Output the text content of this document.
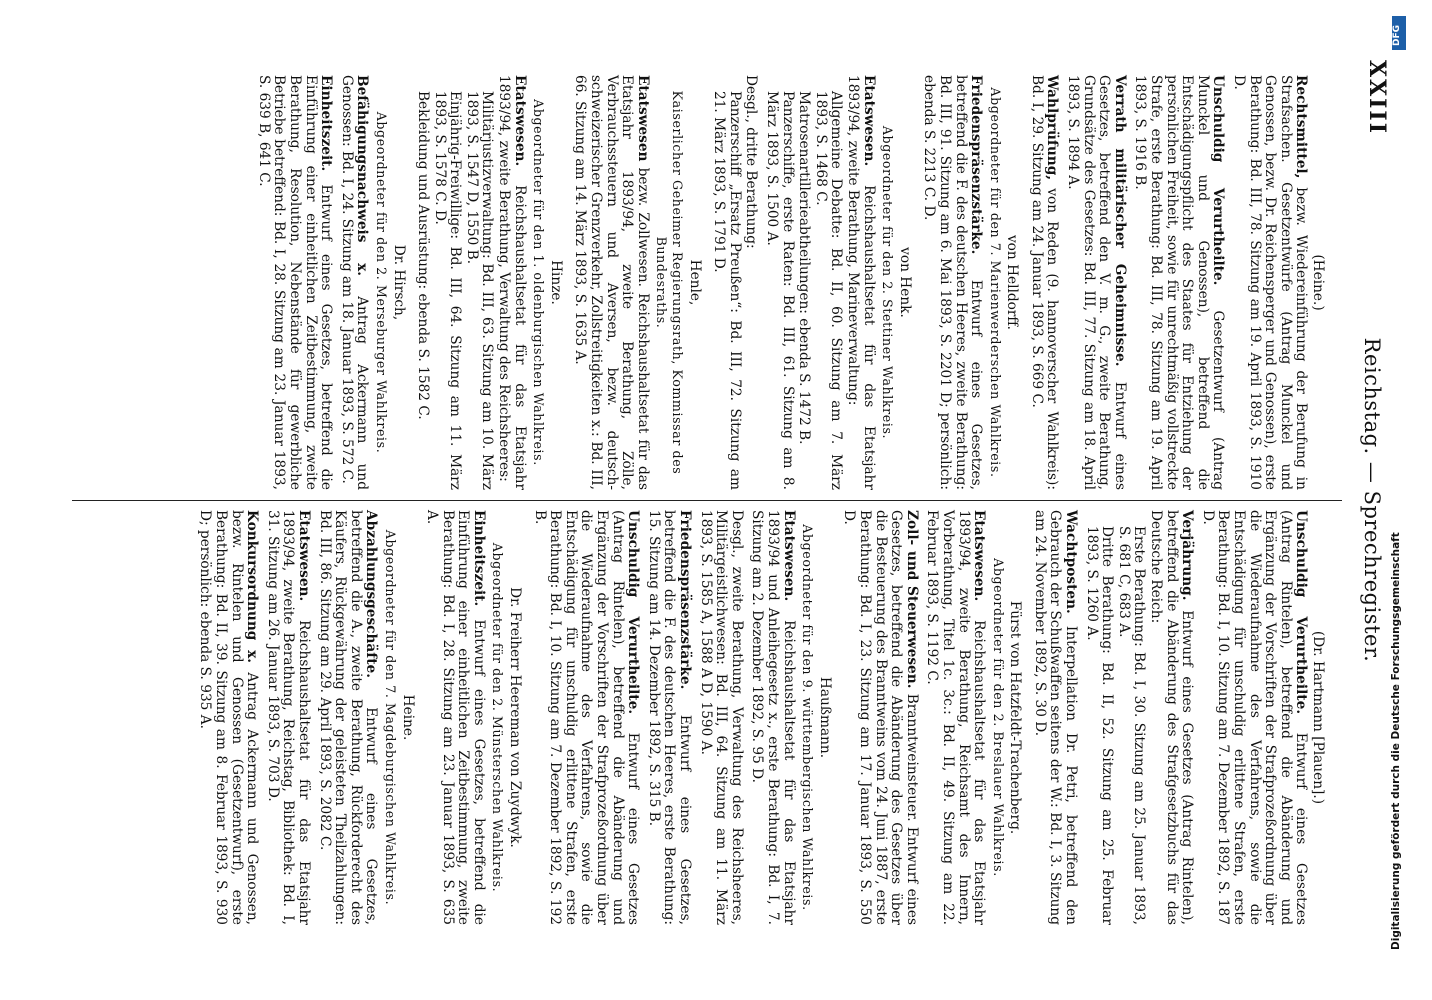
Reichstag. — Sprechregister.
XXIII
(Dr. Hartmann [Plauen].)
Unschuldig Verurtheilte. Entwurf eines Gesetzes (Antrag Rintelen), betreffend die Abänderung und Ergänzung der Vorschriften der Strafprozeßordnung über die Wiederaufnahme des Verfahrens, sowie die Entschädigung für unschuldig erlittene Strafen, erste Berathung: Bd. I, 10. Sitzung am 7. Dezember 1892, S. 187 D.
Verjährung. Entwurf eines Gesetzes (Antrag Rintelen), betreffend die Abänderung des Strafgesetzbuchs für das Deutsche Reich:
Erste Berathung: Bd. I, 30. Sitzung am 25. Januar 1893, S. 681 C, 683 A.
Dritte Berathung: Bd. II, 52. Sitzung am 25. Februar 1893, S. 1260 A.
Wachtposten. Interpellation Dr. Petri, betreffend den Gebrauch der Schußwaffen seitens der W.: Bd. I, 3. Sitzung am 24. November 1892, S. 30 D.
Fürst von Hatzfeldt-Trachenberg.
Abgeordneter für den 2. Breslauer Wahlkreis.
Etatswesen. Reichshaushaltsetat für das Etatsjahr 1893/94, zweite Berathung, Reichsamt des Innern, Vorberathung, Titel 1c. 3c.: Bd. II, 49. Sitzung am 22. Februar 1893, S. 1192 C.
Zoll- und Steuerwesen. Branntweinsteuer. Entwurf eines Gesetzes, betreffend die Abänderung des Gesetzes über die Besteuerung des Branntweins vom 24. Juni 1887, erste Berathung: Bd. I, 23. Sitzung am 17. Januar 1893, S. 550 D.
Haußmann.
Abgeordneter für den 9. württembergischen Wahlkreis.
Etatswesen. Reichshaushaltsetat für das Etatsjahr 1893/94 und Anleihegesetz x., erste Berathung: Bd. I, 7. Sitzung am 2. Dezember 1892, S. 95 D.
Desgl., zweite Berathung, Verwaltung des Reichsheeres, Militärgeistlichwesen: Bd. III, 64. Sitzung am 11. März 1893, S. 1585 A, 1588 A D, 1590 A.
Friedenspräsenzstärke. Entwurf eines Gesetzes, betreffend die F. des deutschen Heeres, erste Berathung: 15. Sitzung am 14. Dezember 1892, S. 315 B.
Unschuldig Verurtheilte. Entwurf eines Gesetzes (Antrag Rintelen), betreffend die Abänderung und Ergänzung der Vorschriften der Strafprozeßordnung über die Wiederaufnahme des Verfahrens, sowie die Entschädigung für unschuldig erlittene Strafen, erste Berathung: Bd. I, 10. Sitzung am 7. Dezember 1892, S. 192 B.
Dr. Freiherr Heereman von Zuydwyk.
Abgeordneter für den 2. Münsterschen Wahlkreis.
Einheitszeit. Entwurf eines Gesetzes, betreffend die Einführung einer einheitlichen Zeitbestimmung, zweite Berathung: Bd. I, 28. Sitzung am 23. Januar 1893, S. 635 A.
Heine.
Abgeordneter für den 7. Magdeburgischen Wahlkreis.
Abzahlungsgeschäfte. Entwurf eines Gesetzes, betreffend die A., zweite Berathung, Rückforderecht des Käufers, Rückgewährung der geleisteten Theilzahlungen: Bd. III, 86. Sitzung am 29. April 1893, S. 2082 C.
Etatswesen. Reichshaushaltsetat für das Etatsjahr 1893/94, zweite Berathung, Reichstag, Bibliothek: Bd. I, 31. Sitzung am 26. Januar 1893, S. 703 D.
Konkursordnung x. Antrag Ackermann und Genossen, bezw. Rintelen und Genossen (Gesetzentwurf), erste Berathung: Bd. II, 39. Sitzung am 8. Februar 1893, S. 930 D; persönlich: ebenda S. 935 A.
(Heine.)
Rechtsmittel, bezw. Wiedereinführung der Berufung in Strafsachen. Gesetzentwürfe (Antrag Munckel und Genossen, bezw. Dr. Reichensperger und Genossen), erste Berathung: Bd. III, 78. Sitzung am 19. April 1893, S. 1910 D.
Unschuldig Verurtheilte. Gesetzentwurf (Antrag Munckel und Genossen), betreffend die Entschädigungspflicht des Staates für Entziehung der persönlichen Freiheit, sowie für unrechtmäßig vollstreckte Strafe, erste Berathung: Bd. III, 78. Sitzung am 19. April 1893, S. 1916 B.
Verrath militärischer Geheimnisse. Entwurf eines Gesetzes, betreffend den V. m. G., zweite Berathung, Grundsätze des Gesetzes: Bd. III, 77. Sitzung am 18. April 1893, S. 1894 A.
Wahlprüfung, von Reden (9. hannoverscher Wahlkreis): Bd. I, 29. Sitzung am 24. Januar 1893, S. 669 C.
von Helldorff.
Abgeordneter für den 7. Marienwerderschen Wahlkreis.
Friedenspräsenzstärke. Entwurf eines Gesetzes, betreffend die F. des deutschen Heeres, zweite Berathung: Bd. III, 91. Sitzung am 6. Mai 1893, S. 2201 D; persönlich: ebenda S. 2213 C. D.
von Henk.
Abgeordneter für den 2. Stettiner Wahlkreis.
Etatswesen. Reichshaushaltsetat für das Etatsjahr 1893/94, zweite Berathung, Marineverwaltung:
Allgemeine Debatte: Bd. II, 60. Sitzung am 7. März 1893, S. 1468 C.
Matrosenartillerieabtheilungen: ebenda S. 1472 B.
Panzerschiffe, erste Raten: Bd. III, 61. Sitzung am 8. März 1893, S. 1500 A.
Desgl., dritte Berathung:
Panzerschiff „Ersatz Preußen“: Bd. III, 72. Sitzung am 21. März 1893, S. 1791 D.
Henle,
Kaiserlicher Geheimer Regierungsrath, Kommissar des Bundesraths.
Etatswesen bezw. Zollwesen. Reichshaushaltsetat für das Etatsjahr 1893/94, zweite Berathung, Zölle, Verbrauchssteuern und Aversen, bezw. deutsch-schweizerischer Grenzverkehr, Zollstreitigkeiten x.: Bd. III, 66. Sitzung am 14. März 1893, S. 1635 A.
Hinze.
Abgeordneter für den 1. oldenburgischen Wahlkreis.
Etatswesen. Reichshaushaltsetat für das Etatsjahr 1893/94, zweite Berathung, Verwaltung des Reichsheeres:
Militärjustizverwaltung: Bd. III, 63. Sitzung am 10. März 1893, S. 1547 D, 1550 B.
Einjährig-Freiwillige: Bd. III, 64. Sitzung am 11. März 1893, S. 1578 C. D.
Bekleidung und Ausrüstung: ebenda S. 1582 C.
Dr. Hirsch,
Abgeordneter für den 2. Merseburger Wahlkreis.
Befähigungsnachweis x. Antrag Ackermann und Genossen: Bd. I, 24. Sitzung am 18. Januar 1893, S. 572 C.
Einheitszeit. Entwurf eines Gesetzes, betreffend die Einführung einer einheitlichen Zeitbestimmung, zweite Berathung, Resolution, Nebenstände für gewerbliche Betriebe betreffend: Bd. I, 28. Sitzung am 23. Januar 1893, S. 639 B, 641 C.
DFG
Digitalisierung gefördert durch die Deutsche Forschungsgemeinschaft
